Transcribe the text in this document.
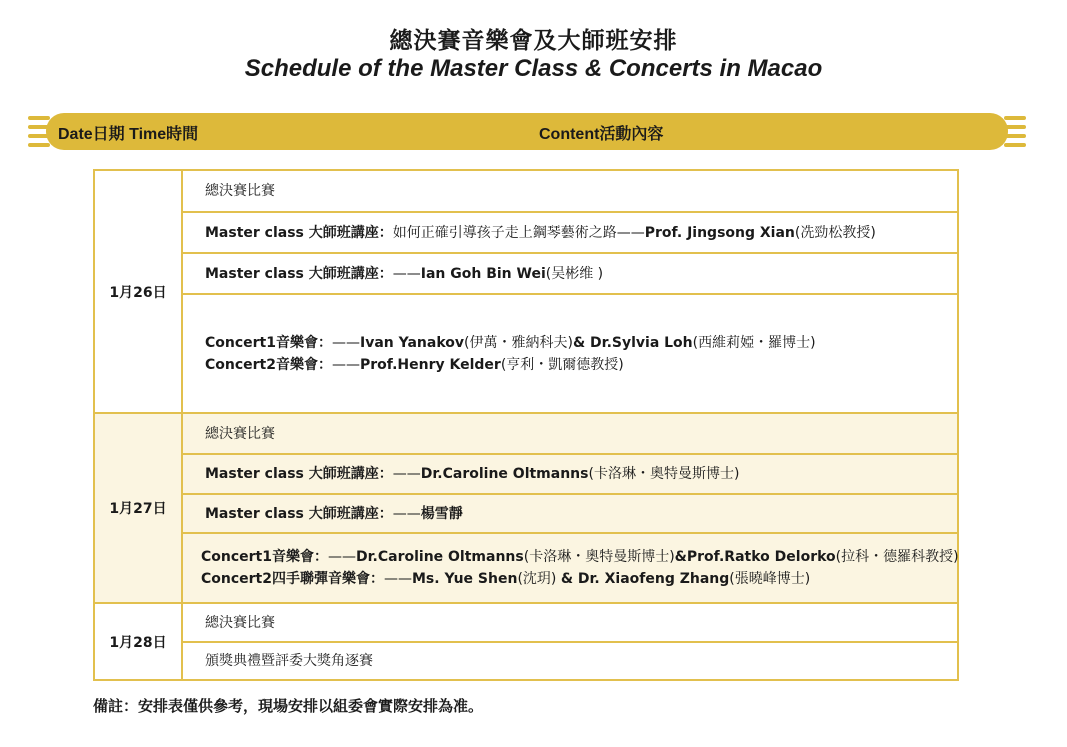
總決賽音樂會及大師班安排
Schedule of the Master Class & Concerts in Macao
Date日期 Time時間	Content活動內容
1月26日
總決賽比賽
Master class 大師班講座：如何正確引導孩子走上鋼琴藝術之路——Prof. Jingsong Xian(冼勁松教授)
Master class 大師班講座：——Ian Goh Bin Wei(吴彬维 )
Concert1音樂會：——Ivan Yanakov(伊萬・雅納科夫)& Dr.Sylvia Loh(西維莉婭・羅博士)
Concert2音樂會：——Prof.Henry Kelder(亨利・凱爾德教授)
1月27日
總決賽比賽
Master class 大師班講座：——Dr.Caroline Oltmanns(卡洛琳・奧特曼斯博士)
Master class 大師班講座：——楊雪靜
Concert1音樂會：——Dr.Caroline Oltmanns(卡洛琳・奧特曼斯博士)&Prof.Ratko Delorko(拉科・德羅科教授)
Concert2四手聯彈音樂會：——Ms. Yue Shen(沈玥) & Dr. Xiaofeng Zhang(張曉峰博士)
1月28日
總決賽比賽
頒獎典禮暨評委大獎角逐賽
備註：安排表僅供參考，現場安排以組委會實際安排為准。
